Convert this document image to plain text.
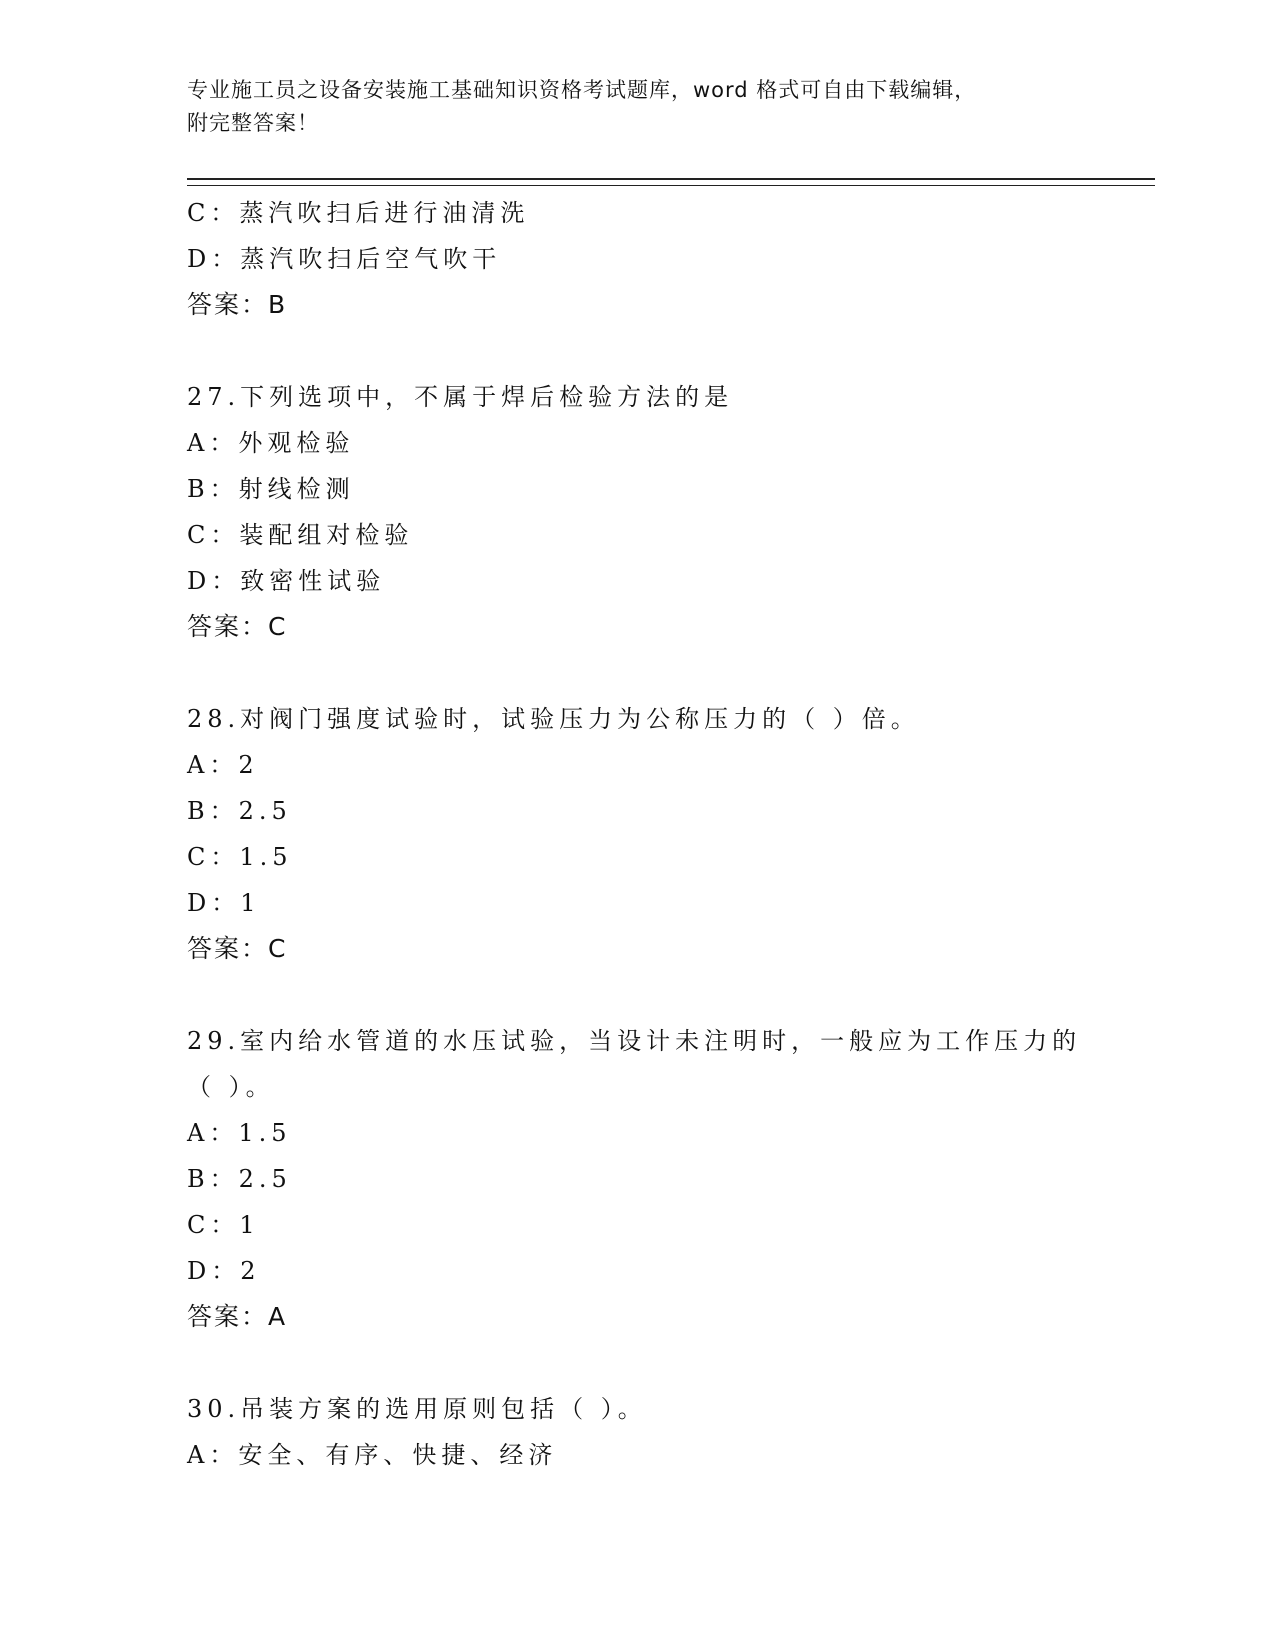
专业施工员之设备安装施工基础知识资格考试题库，word 格式可自由下载编辑，
附完整答案！
C：蒸汽吹扫后进行油清洗
D：蒸汽吹扫后空气吹干
答案：B
27.下列选项中，不属于焊后检验方法的是
A：外观检验
B：射线检测
C：装配组对检验
D：致密性试验
答案：C
28.对阀门强度试验时，试验压力为公称压力的（ ）倍。
A：2
B：2.5
C：1.5
D：1
答案：C
29.室内给水管道的水压试验，当设计未注明时，一般应为工作压力的
（ ）。
A：1.5
B：2.5
C：1
D：2
答案：A
30.吊装方案的选用原则包括（ ）。
A：安全、有序、快捷、经济
